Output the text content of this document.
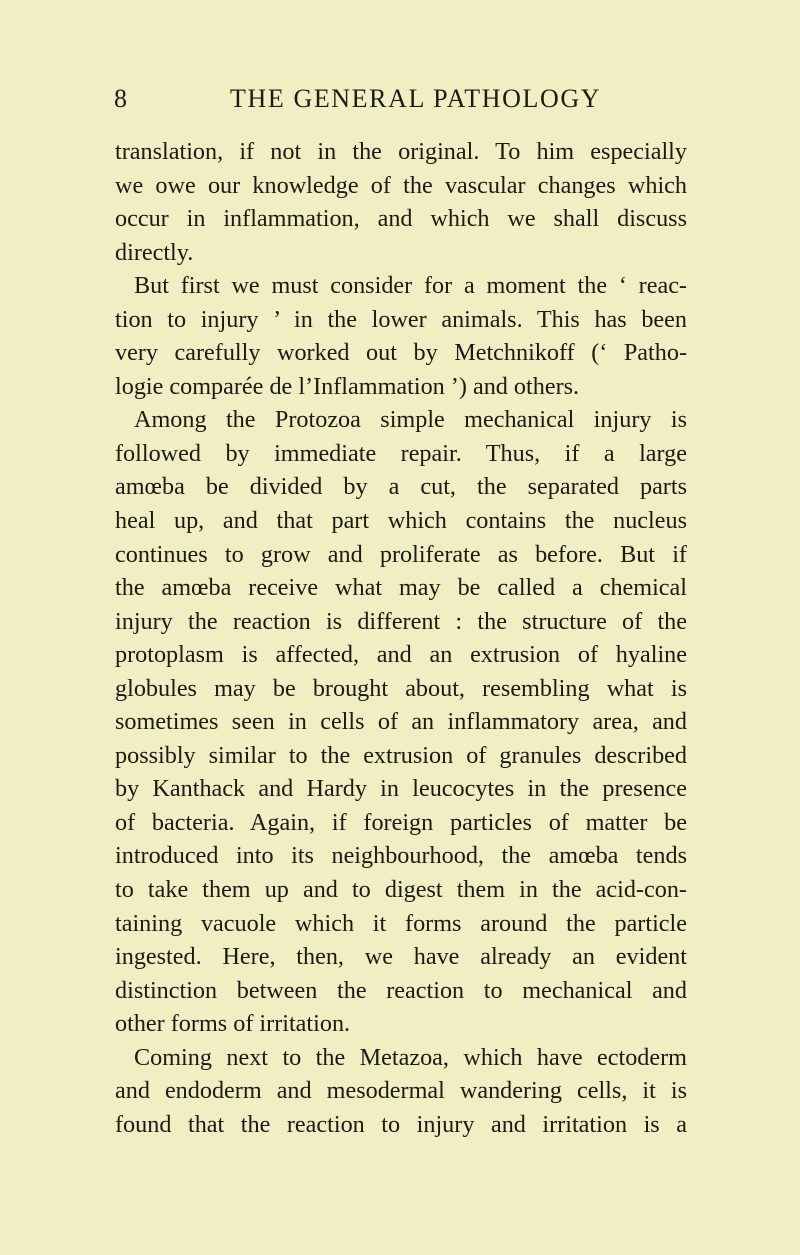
8	THE GENERAL PATHOLOGY
translation, if not in the original. To him especially
we owe our knowledge of the vascular changes which
occur in inflammation, and which we shall discuss
directly.
But first we must consider for a moment the ‘ reac-
tion to injury ’ in the lower animals. This has been
very carefully worked out by Metchnikoff (‘ Patho-
logie comparée de l’Inflammation ’) and others.
Among the Protozoa simple mechanical injury is
followed by immediate repair. Thus, if a large
amœba be divided by a cut, the separated parts
heal up, and that part which contains the nucleus
continues to grow and proliferate as before. But if
the amœba receive what may be called a chemical
injury the reaction is different : the structure of the
protoplasm is affected, and an extrusion of hyaline
globules may be brought about, resembling what is
sometimes seen in cells of an inflammatory area, and
possibly similar to the extrusion of granules described
by Kanthack and Hardy in leucocytes in the presence
of bacteria. Again, if foreign particles of matter be
introduced into its neighbourhood, the amœba tends
to take them up and to digest them in the acid-con-
taining vacuole which it forms around the particle
ingested. Here, then, we have already an evident
distinction between the reaction to mechanical and
other forms of irritation.
Coming next to the Metazoa, which have ectoderm
and endoderm and mesodermal wandering cells, it is
found that the reaction to injury and irritation is a
